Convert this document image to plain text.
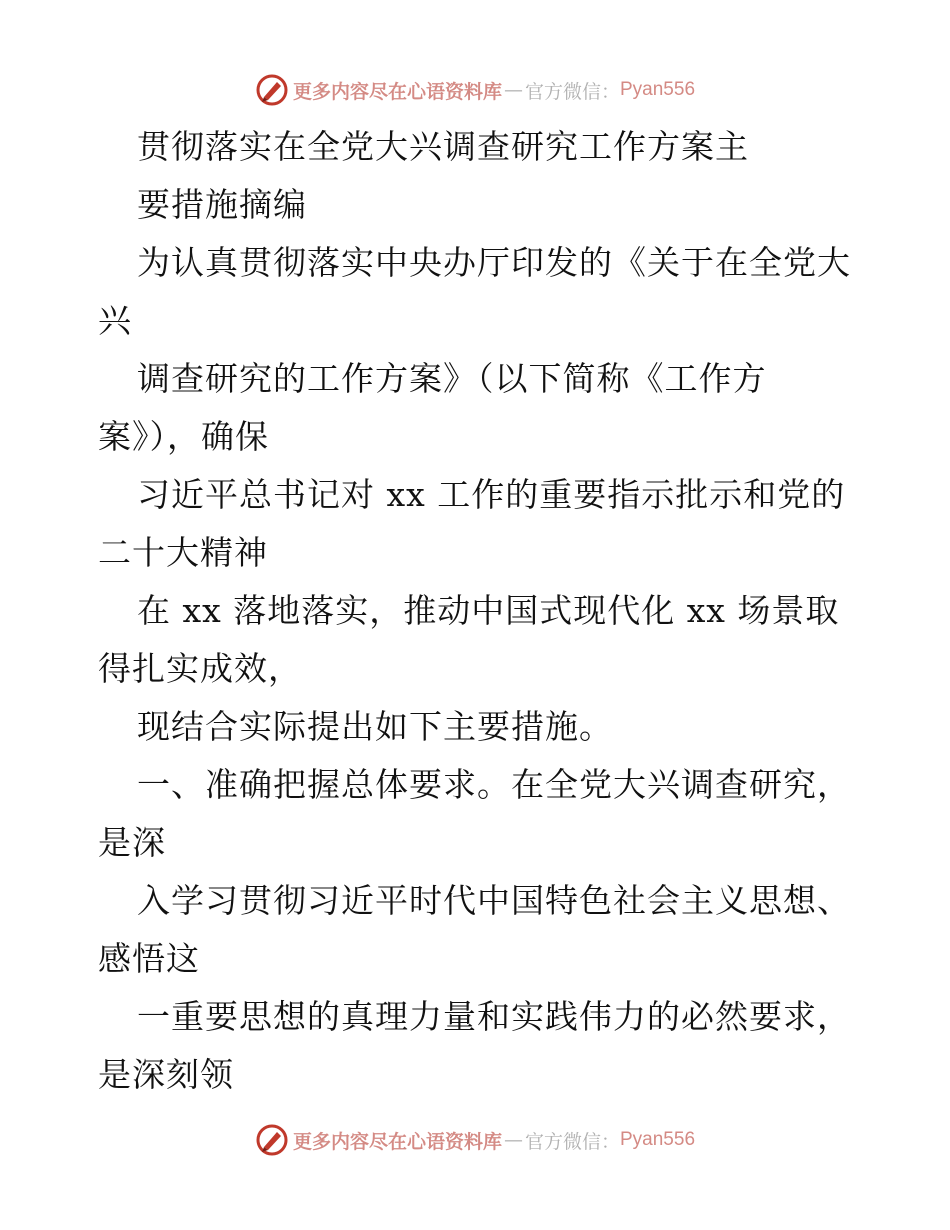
更多内容尽在心语资料库 — 官方微信： Pyan556
贯彻落实在全党大兴调查研究工作方案主
要措施摘编
为认真贯彻落实中央办厅印发的《关于在全党大
兴
调查研究的工作方案》（以下简称《工作方
案》），确保
习近平总书记对 xx 工作的重要指示批示和党的
二十大精神
在 xx 落地落实，推动中国式现代化 xx 场景取
得扎实成效，
现结合实际提出如下主要措施。
一、准确把握总体要求。在全党大兴调查研究，
是深
入学习贯彻习近平时代中国特色社会主义思想、
感悟这
一重要思想的真理力量和实践伟力的必然要求，
是深刻领
更多内容尽在心语资料库 — 官方微信： Pyan556
